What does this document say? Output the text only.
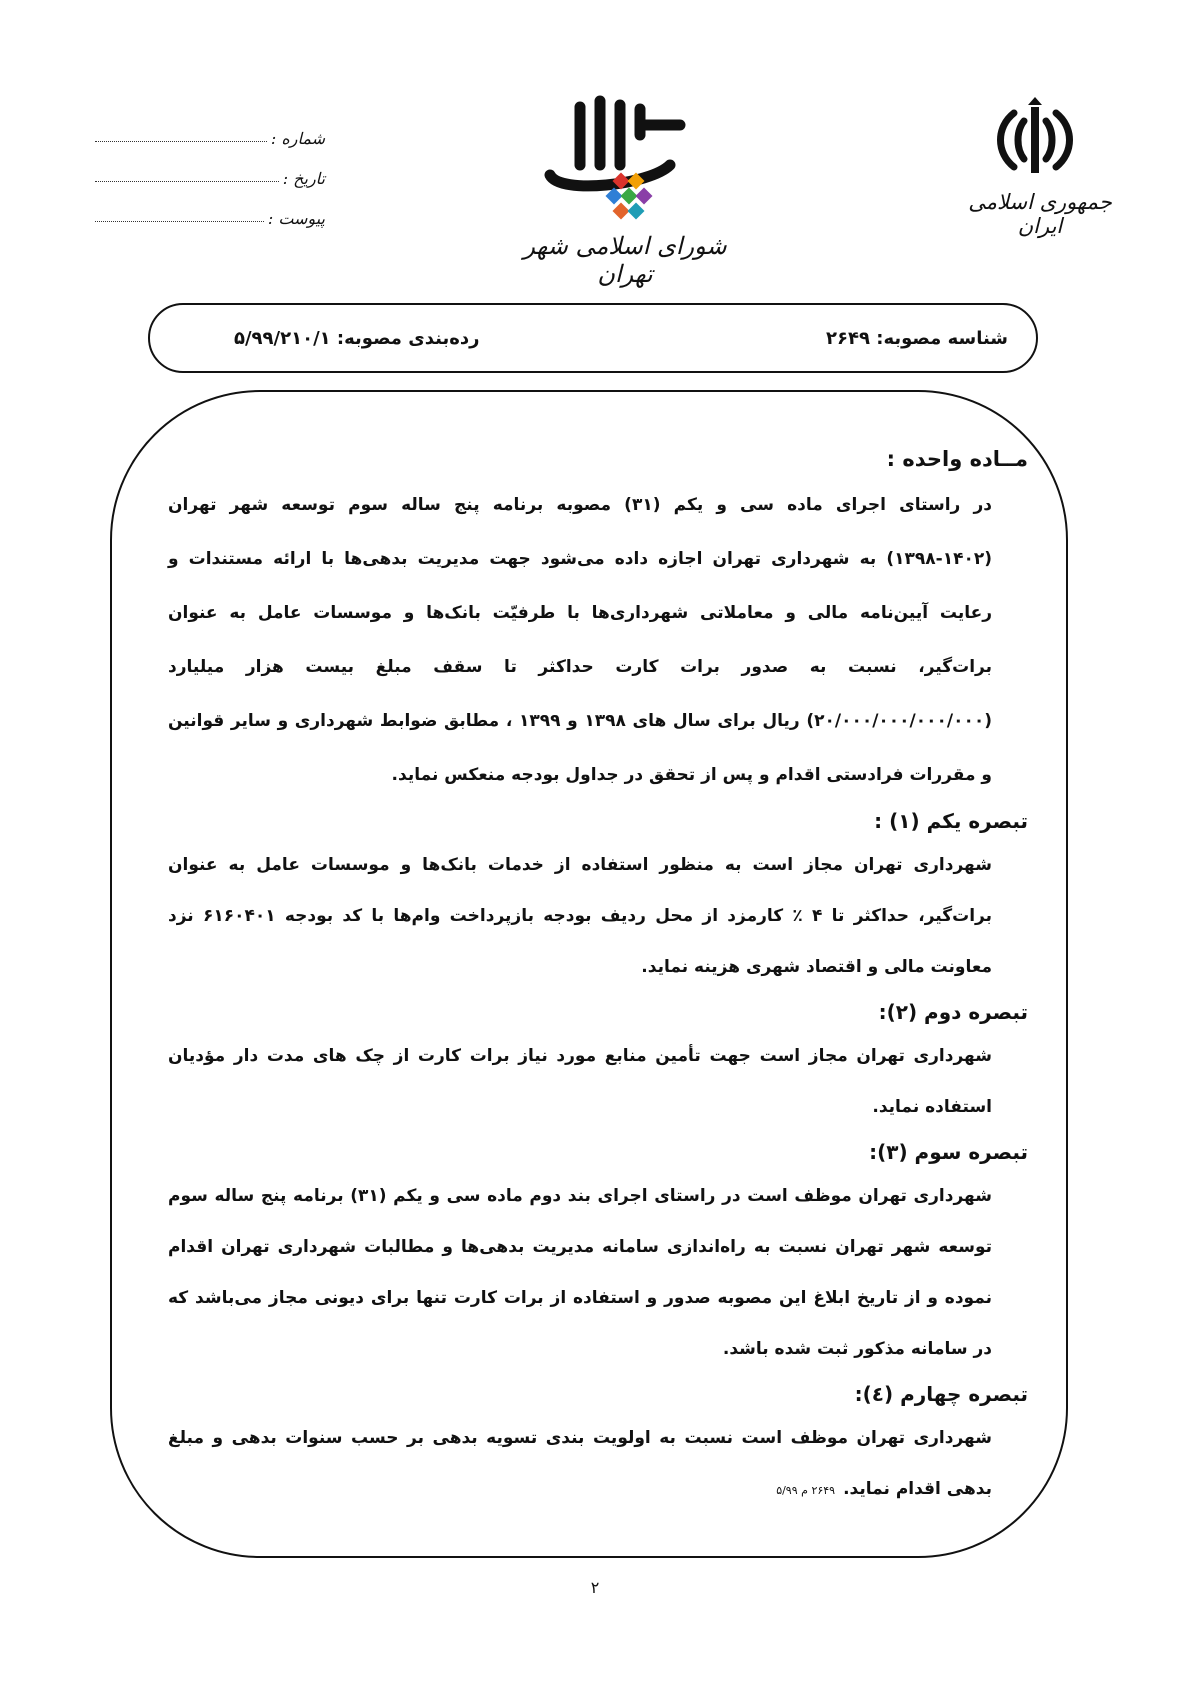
جمهوری اسلامی ایران
شورای اسلامی شهر تهران
شماره :
تاریخ :
پیوست :
شناسه مصوبه: ۲۶۴۹
رده‌بندی مصوبه: ۵/۹۹/۲۱۰/۱

مــاده واحده :

در راستای اجرای ماده سی و یکم (۳۱) مصوبه برنامه پنج ساله سوم توسعه شهر تهران (۱۴۰۲-۱۳۹۸) به شهرداری تهران اجازه داده می‌شود جهت مدیریت بدهی‌ها با ارائه مستندات و رعایت آیین‌نامه مالی و معاملاتی شهرداری‌ها با طرفیّت بانک‌ها و موسسات عامل به عنوان برات‌گیر، نسبت به صدور برات کارت حداکثر تا سقف مبلغ بیست هزار میلیارد (۲۰/۰۰۰/۰۰۰/۰۰۰/۰۰۰) ریال برای سال های ۱۳۹۸ و ۱۳۹۹ ، مطابق ضوابط شهرداری و سایر قوانین و مقررات فرادستی اقدام و پس از تحقق در جداول بودجه منعکس نماید.

تبصره یکم (۱) :

شهرداری تهران مجاز است به منظور استفاده از خدمات بانک‌ها و موسسات عامل به عنوان برات‌گیر، حداکثر تا ۴ ٪ کارمزد از محل ردیف بودجه بازپرداخت وام‌ها با کد بودجه ۶۱۶۰۴۰۱ نزد معاونت مالی و اقتصاد شهری هزینه نماید.

تبصره دوم (۲):

شهرداری تهران مجاز است جهت تأمین منابع مورد نیاز برات کارت از چک های مدت دار مؤدیان استفاده نماید.

تبصره سوم (۳):

شهرداری تهران موظف است در راستای اجرای بند دوم ماده سی و یکم (۳۱) برنامه پنج ساله سوم توسعه شهر تهران نسبت به راه‌اندازی سامانه مدیریت بدهی‌ها و مطالبات شهرداری تهران اقدام نموده و از تاریخ ابلاغ این مصوبه صدور و استفاده از برات کارت تنها برای دیونی مجاز می‌باشد که در سامانه مذکور ثبت شده باشد.

تبصره چهارم (٤):

شهرداری تهران موظف است نسبت به اولویت بندی تسویه بدهی بر حسب سنوات بدهی و مبلغ بدهی اقدام نماید.۲۶۴۹ م ۵/۹۹

۲
